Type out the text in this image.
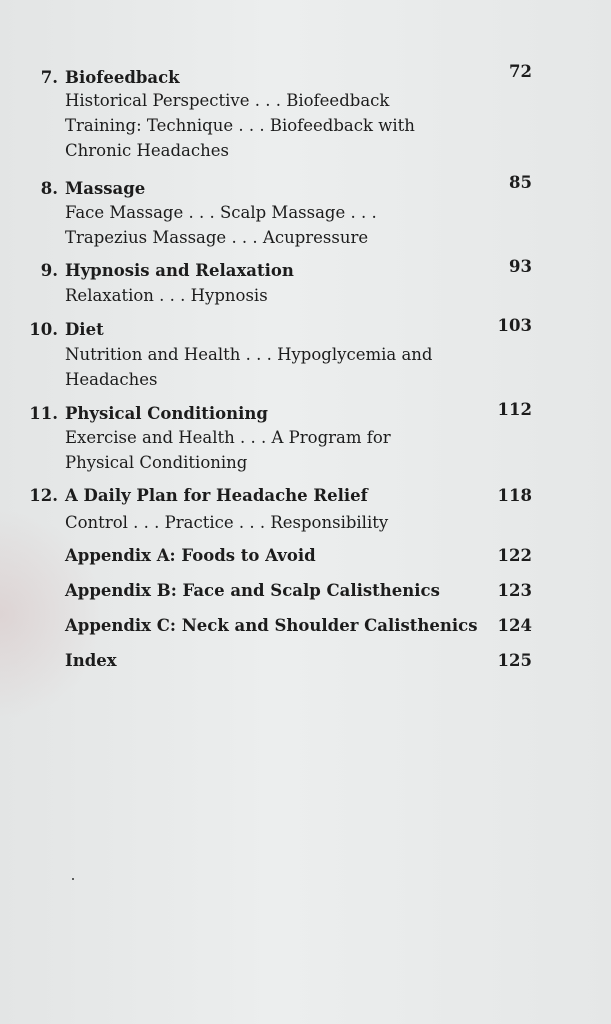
7. Biofeedback	72
Historical Perspective . . . Biofeedback
Training: Technique . . . Biofeedback with
Chronic Headaches
8. Massage	85
Face Massage . . . Scalp Massage . . .
Trapezius Massage . . . Acupressure
9. Hypnosis and Relaxation	93
Relaxation . . . Hypnosis
10. Diet	103
Nutrition and Health . . . Hypoglycemia and
Headaches
11. Physical Conditioning	112
Exercise and Health . . . A Program for
Physical Conditioning
12. A Daily Plan for Headache Relief	118
Control . . . Practice . . . Responsibility
Appendix A: Foods to Avoid	122
Appendix B: Face and Scalp Calisthenics	123
Appendix C: Neck and Shoulder Calisthenics 124
Index	125
